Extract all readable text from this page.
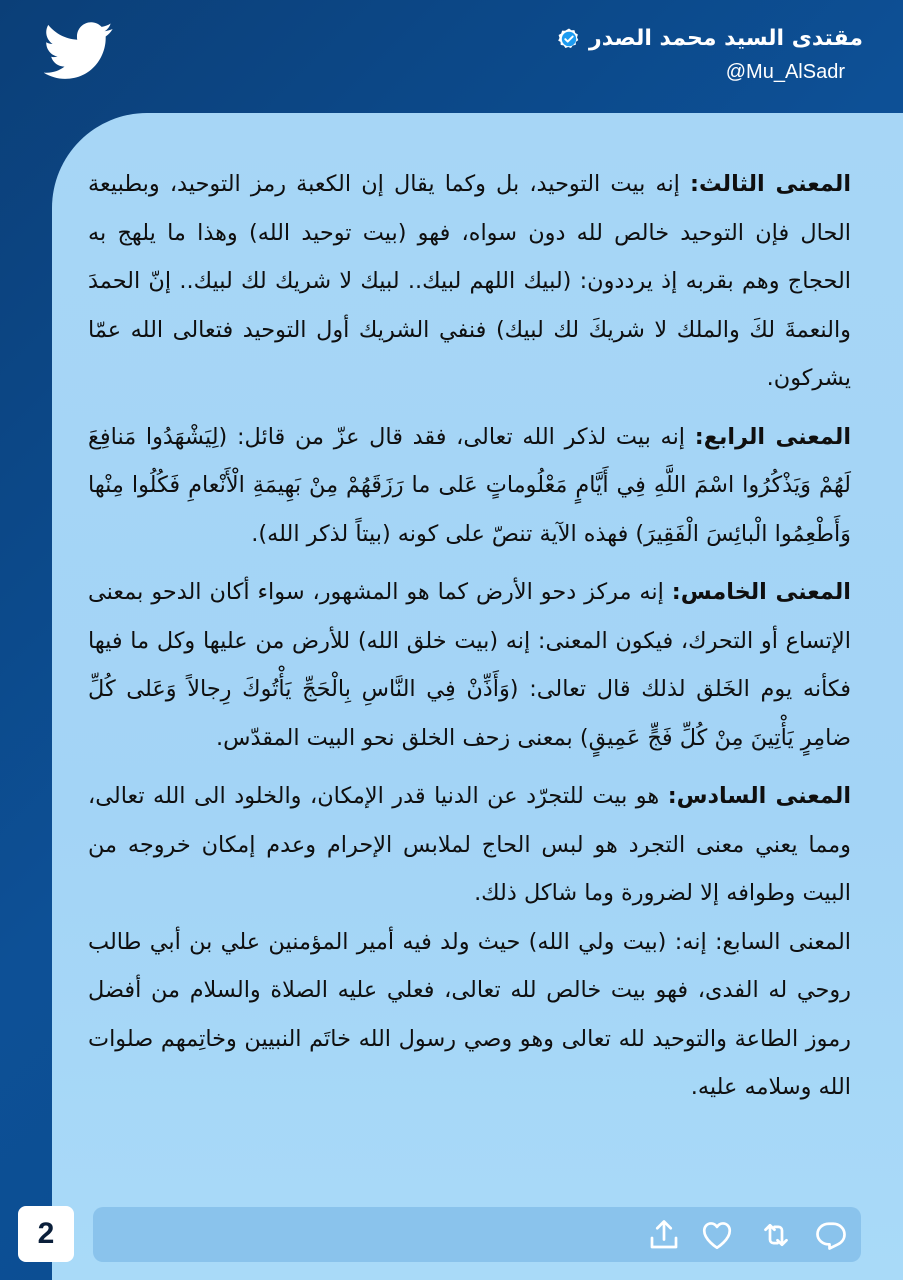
مقتدى السيد محمد الصدر
@Mu_AlSadr

المعنى الثالث: إنه بيت التوحيد، بل وكما يقال إن الكعبة رمز التوحيد، وبطبيعة الحال فإن التوحيد خالص لله دون سواه، فهو (بيت توحيد الله) وهذا ما يلهج به الحجاج وهم بقربه إذ يرددون: (لبيك اللهم لبيك.. لبيك لا شريك لك لبيك.. إنّ الحمدَ والنعمةَ لكَ والملك لا شريكَ لك لبيك) فنفي الشريك أول التوحيد فتعالى الله عمّا يشركون.

المعنى الرابع: إنه بيت لذكر الله تعالى، فقد قال عزّ من قائل: (لِيَشْهَدُوا مَنافِعَ لَهُمْ وَيَذْكُرُوا اسْمَ اللَّهِ فِي أَيَّامٍ مَعْلُوماتٍ عَلى ما رَزَقَهُمْ مِنْ بَهِيمَةِ الْأَنْعامِ فَكُلُوا مِنْها وَأَطْعِمُوا الْبائِسَ الْفَقِيرَ) فهذه الآية تنصّ على كونه (بيتاً لذكر الله).

المعنى الخامس: إنه مركز دحو الأرض كما هو المشهور، سواء أكان الدحو بمعنى الإتساع أو التحرك، فيكون المعنى: إنه (بيت خلق الله) للأرض من عليها وكل ما فيها فكأنه يوم الخَلق لذلك قال تعالى: (وَأَذِّنْ فِي النَّاسِ بِالْحَجِّ يَأْتُوكَ رِجالاً وَعَلى كُلِّ ضامِرٍ يَأْتِينَ مِنْ كُلِّ فَجٍّ عَمِيقٍ) بمعنى زحف الخلق نحو البيت المقدّس.

المعنى السادس: هو بيت للتجرّد عن الدنيا قدر الإمكان، والخلود الى الله تعالى، ومما يعني معنى التجرد هو لبس الحاج لملابس الإحرام وعدم إمكان خروجه من البيت وطوافه إلا لضرورة وما شاكل ذلك.

المعنى السابع: إنه: (بيت ولي الله) حيث ولد فيه أمير المؤمنين علي بن أبي طالب روحي له الفدى، فهو بيت خالص لله تعالى، فعلي عليه الصلاة والسلام من أفضل رموز الطاعة والتوحيد لله تعالى وهو وصي رسول الله خاتَم النبيين وخاتِمهم صلوات الله وسلامه عليه.

2
